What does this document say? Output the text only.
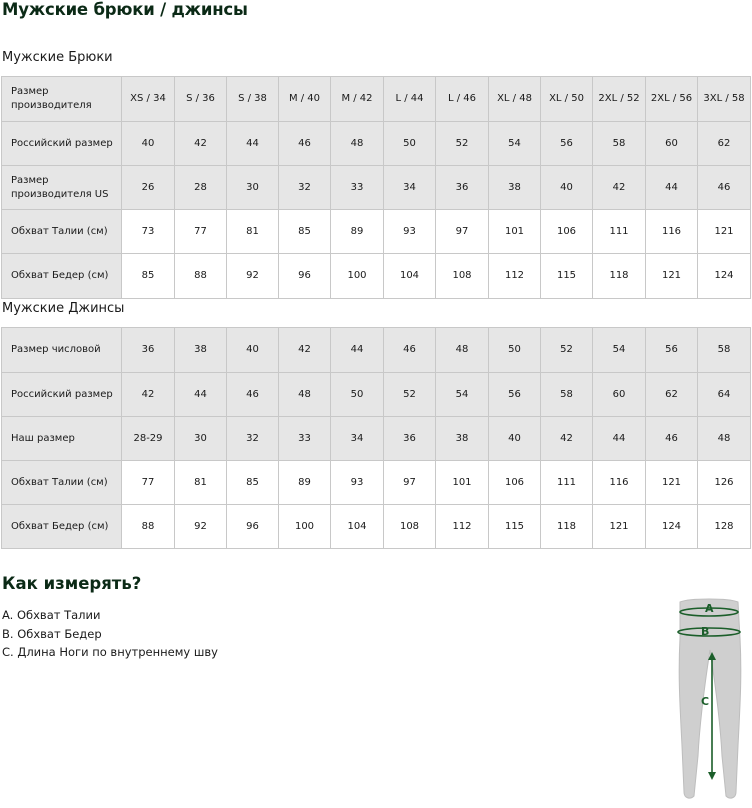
Мужские брюки / джинсы
Мужские Брюки
Размер производителя	XS / 34	S / 36	S / 38	M / 40	M / 42	L / 44	L / 46	XL / 48	XL / 50	2XL / 52	2XL / 56	3XL / 58
Российский размер	40	42	44	46	48	50	52	54	56	58	60	62
Размер производителя US	26	28	30	32	33	34	36	38	40	42	44	46
Обхват Талии (см)	73	77	81	85	89	93	97	101	106	111	116	121
Обхват Бедер (см)	85	88	92	96	100	104	108	112	115	118	121	124
Мужские Джинсы
Размер числовой	36	38	40	42	44	46	48	50	52	54	56	58
Российский размер	42	44	46	48	50	52	54	56	58	60	62	64
Наш размер	28-29	30	32	33	34	36	38	40	42	44	46	48
Обхват Талии (см)	77	81	85	89	93	97	101	106	111	116	121	126
Обхват Бедер (см)	88	92	96	100	104	108	112	115	118	121	124	128
Как измерять?
A. Обхват Талии
B. Обхват Бедер
C. Длина Ноги по внутреннему шву
A
B
C
